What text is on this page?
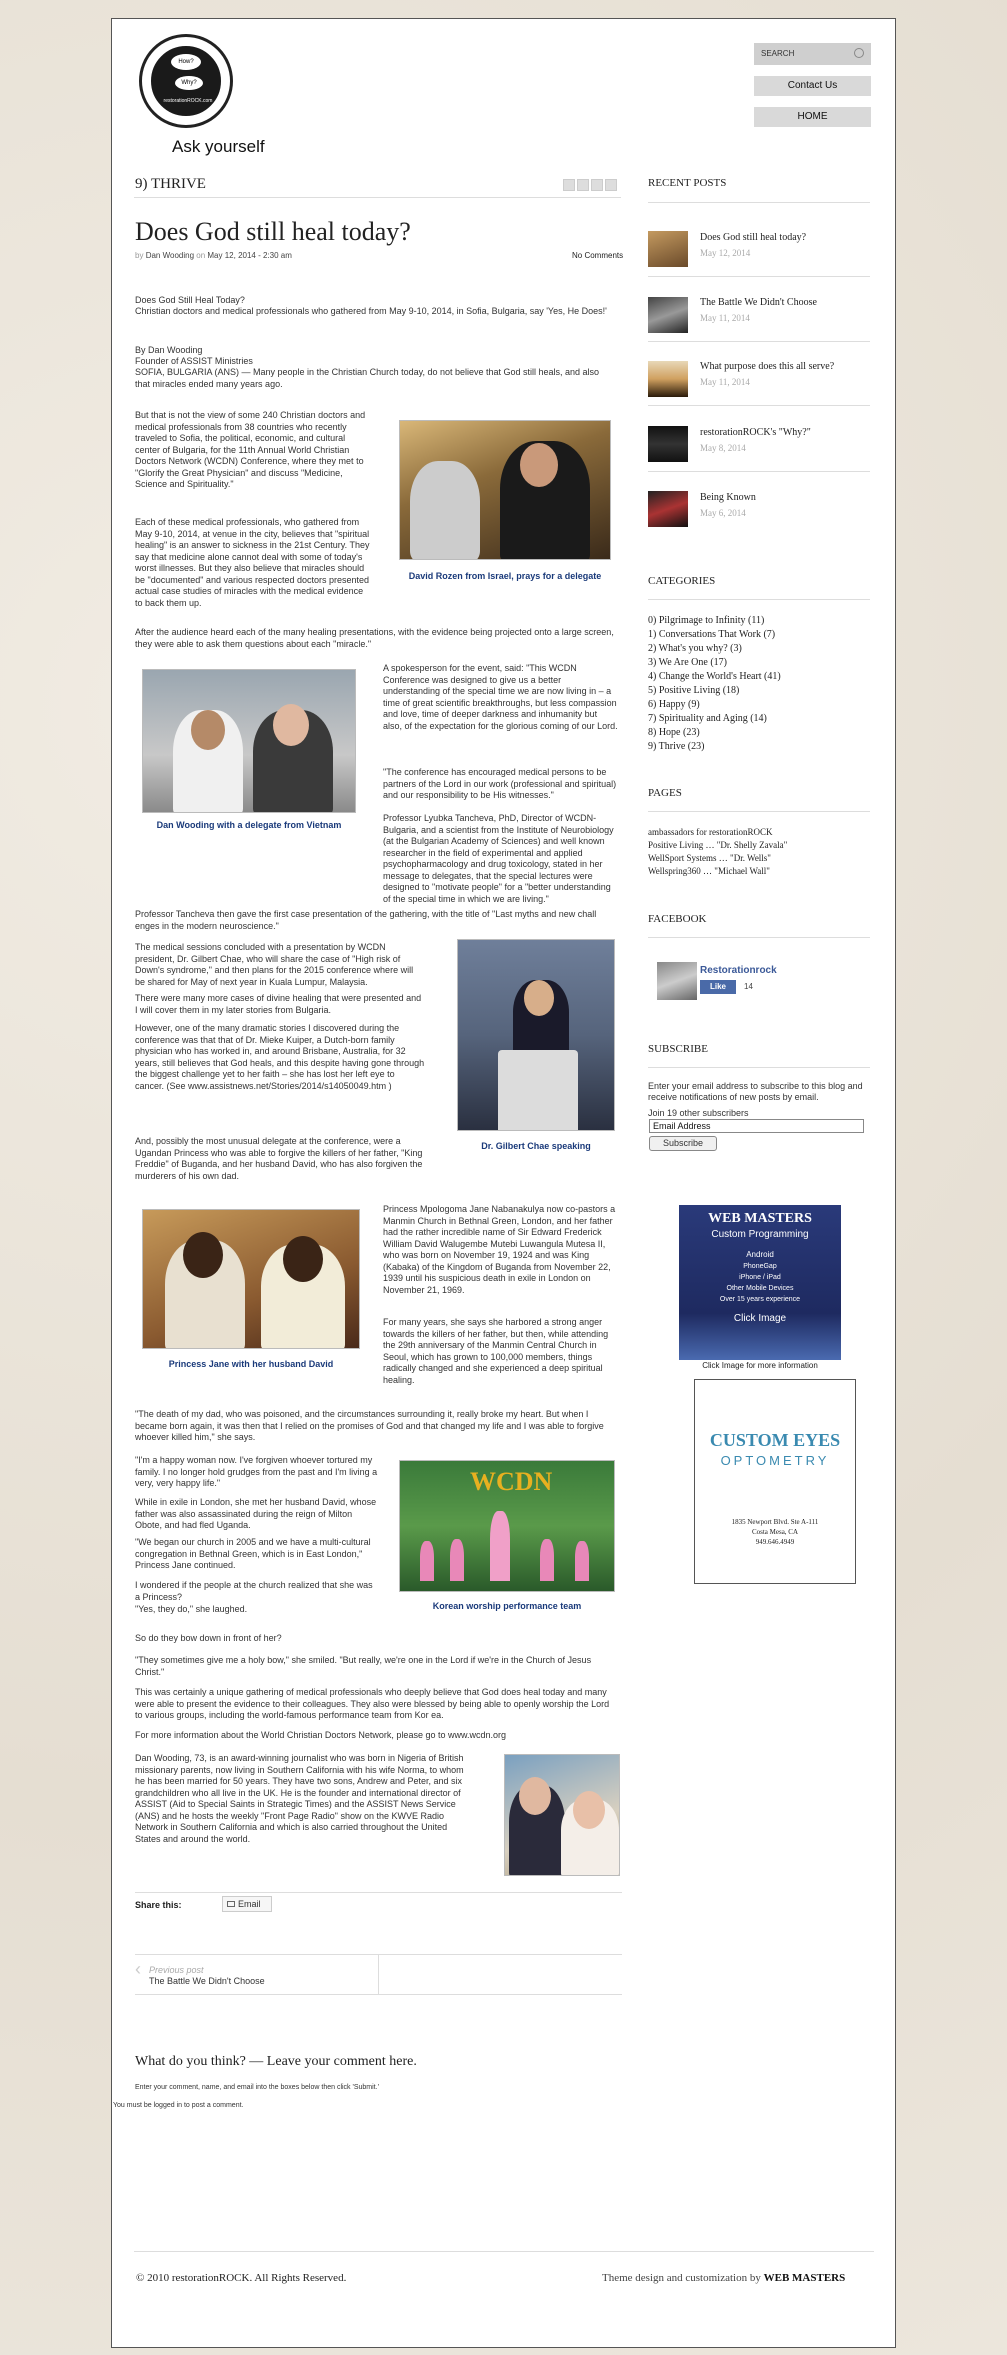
How?
Why?
restorationROCK.com
Ask yourself
SEARCH
Contact Us
HOME
9) THRIVE
Does God still heal today?
by Dan Wooding on May 12, 2014 - 2:30 am	No Comments
Does God Still Heal Today?
Christian doctors and medical professionals who gathered from May 9-10, 2014, in Sofia, Bulgaria, say 'Yes, He Does!'
By Dan Wooding
Founder of ASSIST Ministries
SOFIA, BULGARIA (ANS) — Many people in the Christian Church today, do not believe that God still heals, and also that miracles ended many years ago.
But that is not the view of some 240 Christian doctors and medical professionals from 38 countries who recently traveled to Sofia, the political, economic, and cultural center of Bulgaria, for the 11th Annual World Christian Doctors Network (WCDN) Conference, where they met to "Glorify the Great Physician" and discuss "Medicine, Science and Spirituality."
David Rozen from Israel, prays for a delegate
Each of these medical professionals, who gathered from May 9-10, 2014, at venue in the city, believes that "spiritual healing" is an answer to sickness in the 21st Century. They say that medicine alone cannot deal with some of today's worst illnesses. But they also believe that miracles should be "documented" and various respected doctors presented actual case studies of miracles with the medical evidence to back them up.
After the audience heard each of the many healing presentations, with the evidence being projected onto a large screen, they were able to ask them questions about each "miracle."
Dan Wooding with a delegate from Vietnam
A spokesperson for the event, said: "This WCDN Conference was designed to give us a better understanding of the special time we are now living in – a time of great scientific breakthroughs, but less compassion and love, time of deeper darkness and inhumanity but also, of the expectation for the glorious coming of our Lord.
"The conference has encouraged medical persons to be partners of the Lord in our work (professional and spiritual) and our responsibility to be His witnesses."
Professor Lyubka Tancheva, PhD, Director of WCDN-Bulgaria, and a scientist from the Institute of Neurobiology (at the Bulgarian Academy of Sciences) and well known researcher in the field of experimental and applied psychopharmacology and drug toxicology, stated in her message to delegates, that the special lectures were designed to "motivate people" for a "better understanding of the special time in which we are living."
Professor Tancheva then gave the first case presentation of the gathering, with the title of "Last myths and new chall enges in the modern neuroscience."
The medical sessions concluded with a presentation by WCDN president, Dr. Gilbert Chae, who will share the case of "High risk of Down's syndrome," and then plans for the 2015 conference where will be shared for May of next year in Kuala Lumpur, Malaysia.
There were many more cases of divine healing that were presented and I will cover them in my later stories from Bulgaria.
However, one of the many dramatic stories I discovered during the conference was that that of Dr. Mieke Kuiper, a Dutch-born family physician who has worked in, and around Brisbane, Australia, for 32 years, still believes that God heals, and this despite having gone through the biggest challenge yet to her faith – she has lost her left eye to cancer. (See www.assistnews.net/Stories/2014/s14050049.htm )
Dr. Gilbert Chae speaking
And, possibly the most unusual delegate at the conference, were a Ugandan Princess who was able to forgive the killers of her father, "King Freddie" of Buganda, and her husband David, who has also forgiven the murderers of his own dad.
Princess Jane with her husband David
Princess Mpologoma Jane Nabanakulya now co-pastors a Manmin Church in Bethnal Green, London, and her father had the rather incredible name of Sir Edward Frederick William David Walugembe Mutebi Luwangula Mutesa II, who was born on November 19, 1924 and was King (Kabaka) of the Kingdom of Buganda from November 22, 1939 until his suspicious death in exile in London on November 21, 1969.
For many years, she says she harbored a strong anger towards the killers of her father, but then, while attending the 29th anniversary of the Manmin Central Church in Seoul, which has grown to 100,000 members, things radically changed and she experienced a deep spiritual healing.
"The death of my dad, who was poisoned, and the circumstances surrounding it, really broke my heart. But when I became born again, it was then that I relied on the promises of God and that changed my life and I was able to forgive whoever killed him," she says.
"I'm a happy woman now. I've forgiven whoever tortured my family. I no longer hold grudges from the past and I'm living a very, very happy life."
While in exile in London, she met her husband David, whose father was also assassinated during the reign of Milton Obote, and had fled Uganda.
"We began our church in 2005 and we have a multi-cultural congregation in Bethnal Green, which is in East London," Princess Jane continued.
I wondered if the people at the church realized that she was a Princess?
"Yes, they do," she laughed.
WCDN
Korean worship performance team
So do they bow down in front of her?
"They sometimes give me a holy bow," she smiled. "But really, we're one in the Lord if we're in the Church of Jesus Christ."
This was certainly a unique gathering of medical professionals who deeply believe that God does heal today and many were able to present the evidence to their colleagues. They also were blessed by being able to openly worship the Lord to various groups, including the world-famous performance team from Kor ea.
For more information about the World Christian Doctors Network, please go to www.wcdn.org
Dan Wooding, 73, is an award-winning journalist who was born in Nigeria of British missionary parents, now living in Southern California with his wife Norma, to whom he has been married for 50 years. They have two sons, Andrew and Peter, and six grandchildren who all live in the UK. He is the founder and international director of ASSIST (Aid to Special Saints in Strategic Times) and the ASSIST News Service (ANS) and he hosts the weekly "Front Page Radio" show on the KWVE Radio Network in Southern California and which is also carried throughout the United States and around the world.
Share this:	Email
‹ Previous post
The Battle We Didn't Choose
What do you think? — Leave your comment here.
Enter your comment, name, and email into the boxes below then click 'Submit.'
You must be logged in to post a comment.
RECENT POSTS
Does God still heal today?
May 12, 2014
The Battle We Didn't Choose
May 11, 2014
What purpose does this all serve?
May 11, 2014
restorationROCK's "Why?"
May 8, 2014
Being Known
May 6, 2014
CATEGORIES
0) Pilgrimage to Infinity (11)
1) Conversations That Work (7)
2) What's you why? (3)
3) We Are One (17)
4) Change the World's Heart (41)
5) Positive Living (18)
6) Happy (9)
7) Spirituality and Aging (14)
8) Hope (23)
9) Thrive (23)
PAGES
ambassadors for restorationROCK
Positive Living … "Dr. Shelly Zavala"
WellSport Systems … "Dr. Wells"
Wellspring360 … "Michael Wall"
FACEBOOK
Restorationrock
Like	14
SUBSCRIBE
Enter your email address to subscribe to this blog and receive notifications of new posts by email.
Join 19 other subscribers
Email Address
Subscribe
WEB MASTERS
Custom Programming
Android
PhoneGap
iPhone / iPad
Other Mobile Devices
Over 15 years experience
Click Image
Click Image for more information
CUSTOM EYES
OPTOMETRY
1835 Newport Blvd. Ste A-111
Costa Mesa, CA
949.646.4949
© 2010 restorationROCK. All Rights Reserved.	Theme design and customization by WEB MASTERS
